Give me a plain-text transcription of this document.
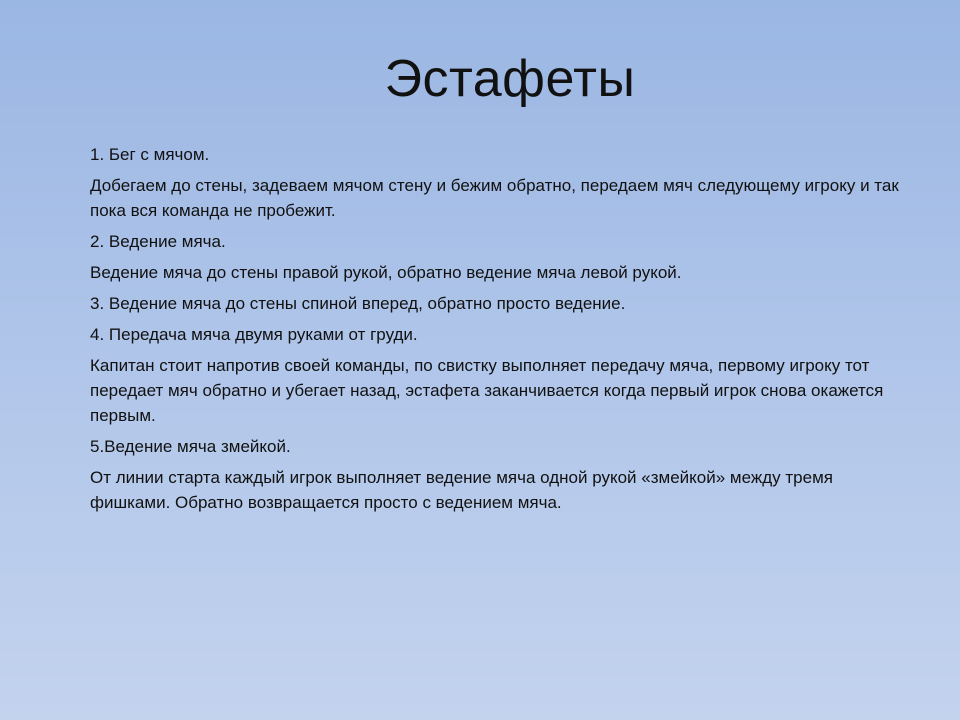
Эстафеты

1. Бег с мячом.

Добегаем до стены, задеваем мячом стену и бежим обратно, передаем мяч следующему игроку и так пока вся команда не пробежит.

2. Ведение мяча.

Ведение мяча до стены правой рукой, обратно ведение мяча левой рукой.

3. Ведение мяча до стены спиной вперед, обратно просто ведение.

4. Передача мяча двумя руками от груди.

Капитан стоит напротив своей команды, по свистку выполняет передачу мяча, первому игроку тот передает мяч обратно и убегает назад, эстафета заканчивается когда первый игрок снова окажется первым.

5.Ведение мяча змейкой.

От линии старта каждый игрок выполняет ведение мяча одной рукой «змейкой» между тремя фишками. Обратно возвращается просто с ведением мяча.
